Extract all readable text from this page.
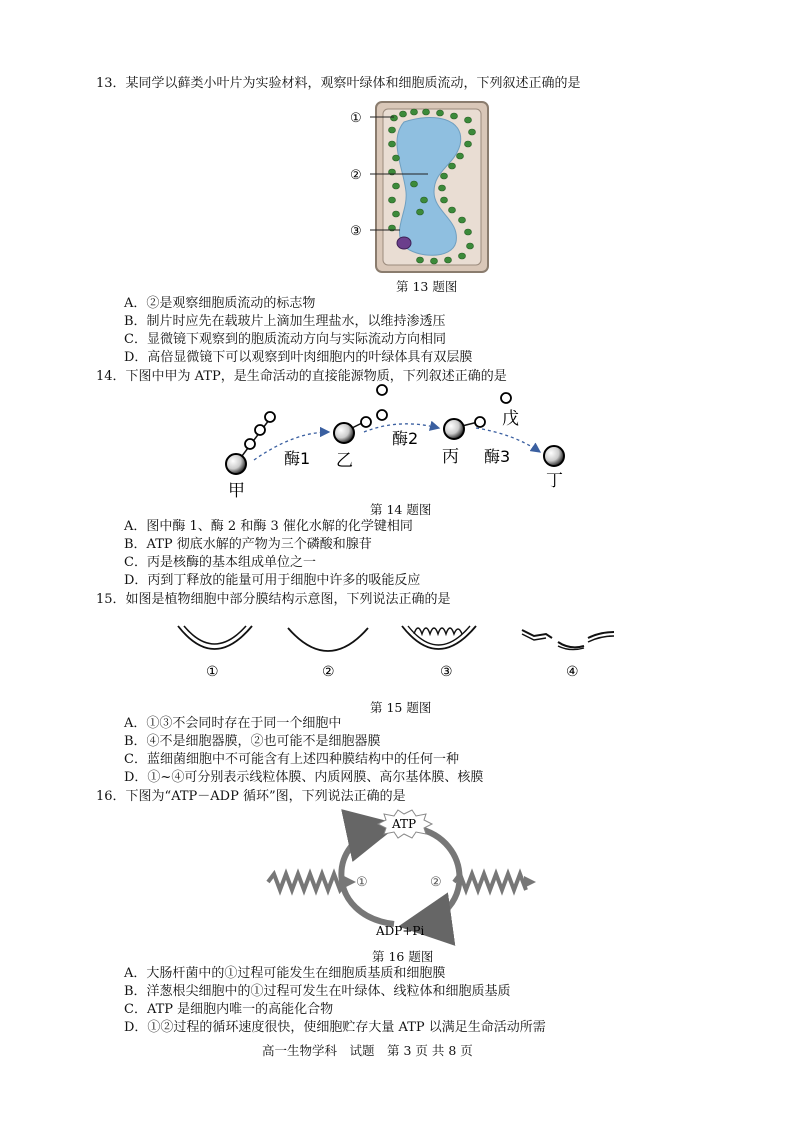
13．某同学以藓类小叶片为实验材料，观察叶绿体和细胞质流动，下列叙述正确的是
①
②
③
第 13 题图
A．②是观察细胞质流动的标志物
B．制片时应先在载玻片上滴加生理盐水，以维持渗透压
C．显微镜下观察到的胞质流动方向与实际流动方向相同
D．高倍显微镜下可以观察到叶肉细胞内的叶绿体具有双层膜
14．下图中甲为 ATP，是生命活动的直接能源物质，下列叙述正确的是
甲
酶1 乙
酶2
丙
戊
酶3
丁
第 14 题图
A．图中酶 1、酶 2 和酶 3 催化水解的化学键相同
B．ATP 彻底水解的产物为三个磷酸和腺苷
C．丙是核酶的基本组成单位之一
D．丙到丁释放的能量可用于细胞中许多的吸能反应
15．如图是植物细胞中部分膜结构示意图，下列说法正确的是
①	②	③	④
第 15 题图
A．①③不会同时存在于同一个细胞中
B．④不是细胞器膜，②也可能不是细胞器膜
C．蓝细菌细胞中不可能含有上述四种膜结构中的任何一种
D．①~④可分别表示线粒体膜、内质网膜、高尔基体膜、核膜
16．下图为“ATP－ADP 循环”图，下列说法正确的是
ATP
ADP+Pi
①	②
第 16 题图
A．大肠杆菌中的①过程可能发生在细胞质基质和细胞膜
B．洋葱根尖细胞中的①过程可发生在叶绿体、线粒体和细胞质基质
C．ATP 是细胞内唯一的高能化合物
D．①②过程的循环速度很快，使细胞贮存大量 ATP 以满足生命活动所需
高一生物学科　试题　第 3 页 共 8 页
